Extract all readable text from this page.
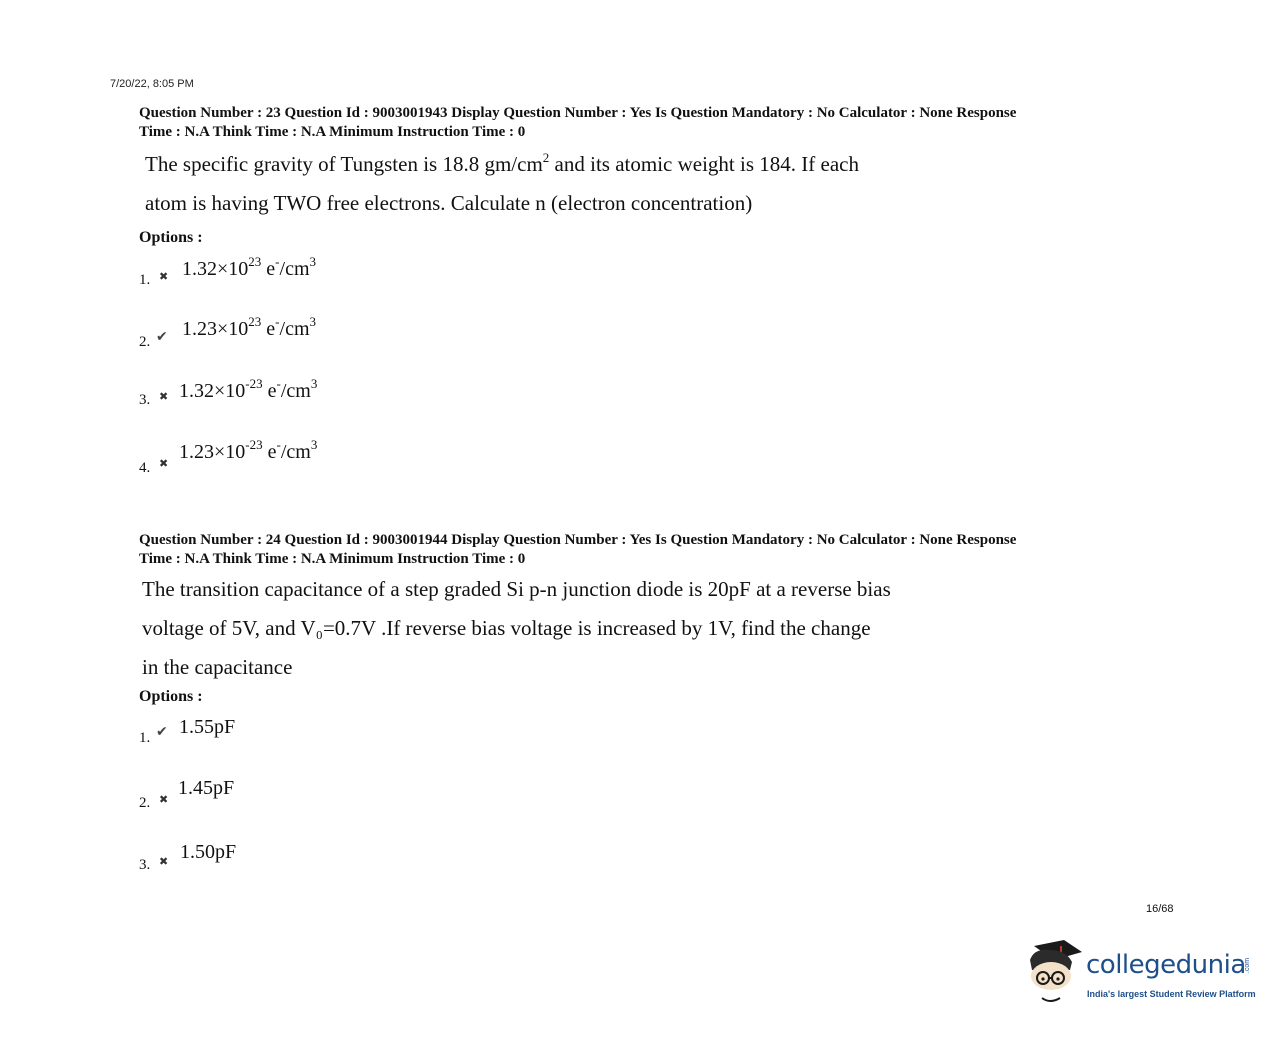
7/20/22, 8:05 PM
Question Number : 23 Question Id : 9003001943 Display Question Number : Yes Is Question Mandatory : No Calculator : None Response
Time : N.A Think Time : N.A Minimum Instruction Time : 0
The specific gravity of Tungsten is 18.8 $gm/cm^2$ and its atomic weight is 184. If each
atom is having TWO free electrons. Calculate n (electron concentration)
Options :
1. ✖ $1.32\times 10^{23}$ $e^-/cm^3$
2. ✔ $1.23\times 10^{23}$ $e^-/cm^3$
3. ✖ $1.32\times 10^{-23}$ $e^-/cm^3$
4. ✖
$1.23\times 10^{-23}$ $e^-/cm^3$
Question Number : 24 Question Id : 9003001944 Display Question Number : Yes Is Question Mandatory : No Calculator : None Response
Time : N.A Think Time : N.A Minimum Instruction Time : 0
The transition capacitance of a step graded Si p-n junction diode is 20pF at a reverse bias
voltage of 5V, and V₀=0.7V .If reverse bias voltage is increased by 1V, find the change
in the capacitance
Options :
1. ✔ 1.55pF
2. ✖
1.45pF
3. ✖ 1.50pF
16/68
collegedunia
.com
India's largest Student Review Platform
